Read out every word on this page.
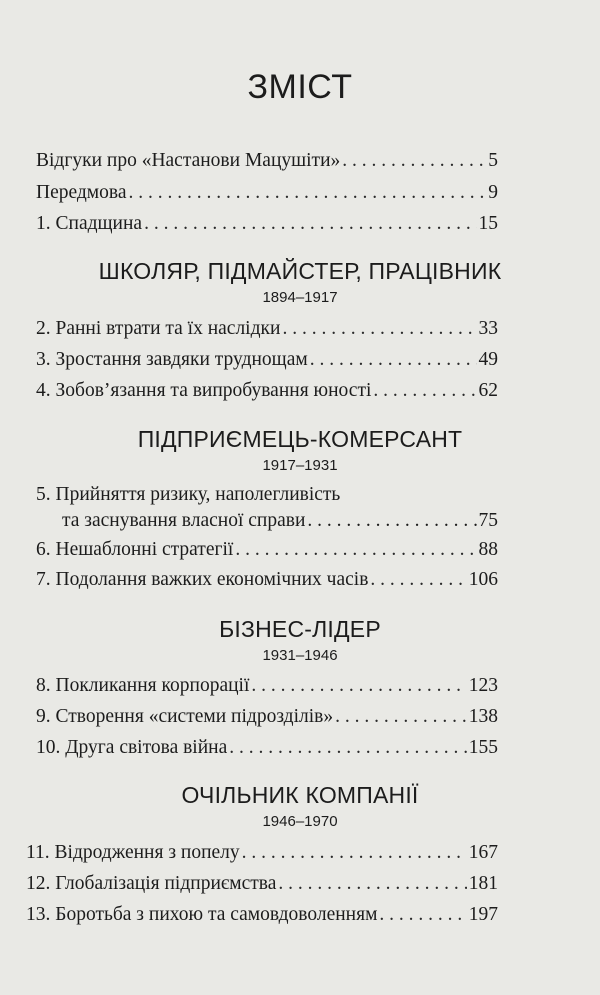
ЗМІСТ
Відгуки про «Настанови Мацушіти» . . .	5
Передмова . . .	9
1. Спадщина . . .	15
ШКОЛЯР, ПІДМАЙСТЕР, ПРАЦІВНИК
1894–1917
2. Ранні втрати та їх наслідки . . .	33
3. Зростання завдяки труднощам . . .	49
4. Зобов’язання та випробування юності . . .	62
ПІДПРИЄМЕЦЬ-КОМЕРСАНТ
1917–1931
5. Прийняття ризику, наполегливість
та заснування власної справи . . .	75
6. Нешаблонні стратегії . . .	88
7. Подолання важких економічних часів . . .	106
БІЗНЕС-ЛІДЕР
1931–1946
8. Покликання корпорації . . .	123
9. Створення «системи підрозділів» . . .	138
10. Друга світова війна . . .	155
ОЧІЛЬНИК КОМПАНІЇ
1946–1970
11. Відродження з попелу . . .	167
12. Глобалізація підприємства . . .	181
13. Боротьба з пихою та самовдоволенням . . .	197
